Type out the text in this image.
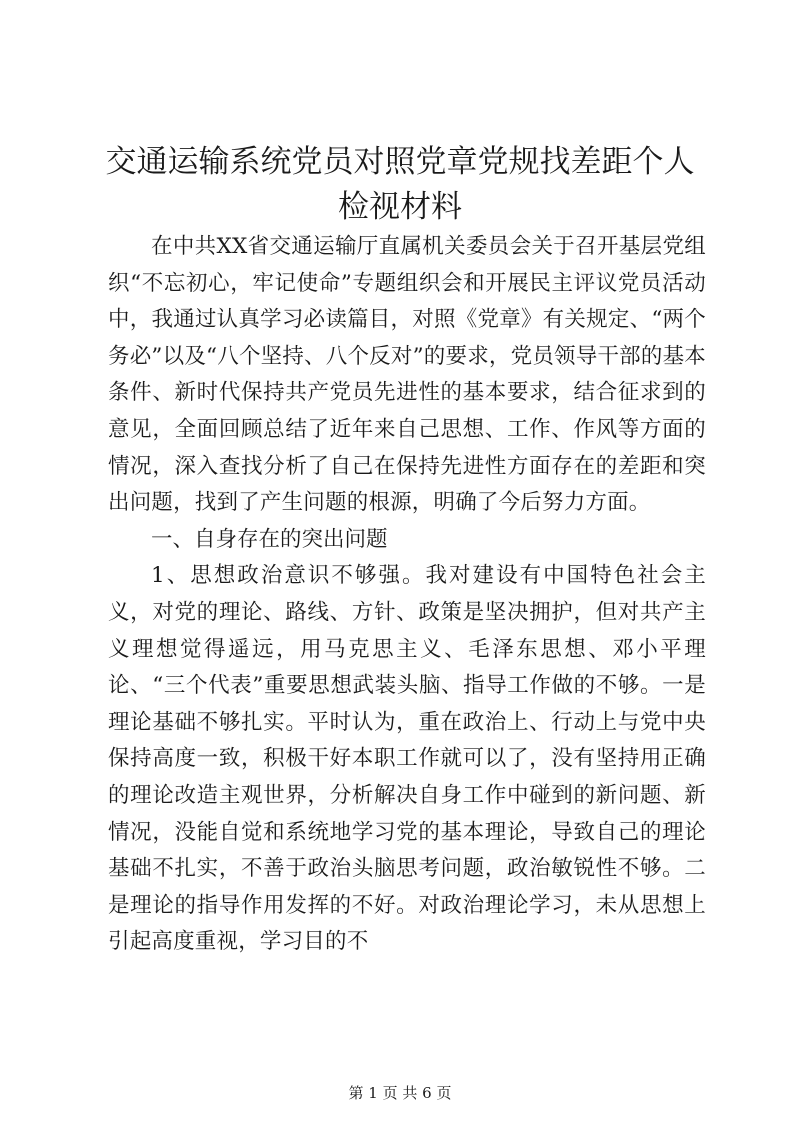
交通运输系统党员对照党章党规找差距个人检视材料

在中共XX省交通运输厅直属机关委员会关于召开基层党组织“不忘初心，牢记使命”专题组织会和开展民主评议党员活动中，我通过认真学习必读篇目，对照《党章》有关规定、“两个务必”以及“八个坚持、八个反对”的要求，党员领导干部的基本条件、新时代保持共产党员先进性的基本要求，结合征求到的意见，全面回顾总结了近年来自己思想、工作、作风等方面的情况，深入查找分析了自己在保持先进性方面存在的差距和突出问题，找到了产生问题的根源，明确了今后努力方面。

一、自身存在的突出问题

1、思想政治意识不够强。我对建设有中国特色社会主义，对党的理论、路线、方针、政策是坚决拥护，但对共产主义理想觉得遥远，用马克思主义、毛泽东思想、邓小平理论、“三个代表”重要思想武装头脑、指导工作做的不够。一是理论基础不够扎实。平时认为，重在政治上、行动上与党中央保持高度一致，积极干好本职工作就可以了，没有坚持用正确的理论改造主观世界，分析解决自身工作中碰到的新问题、新情况，没能自觉和系统地学习党的基本理论，导致自己的理论基础不扎实，不善于政治头脑思考问题，政治敏锐性不够。二是理论的指导作用发挥的不好。对政治理论学习，未从思想上引起高度重视，学习目的不

第 1 页 共 6 页
